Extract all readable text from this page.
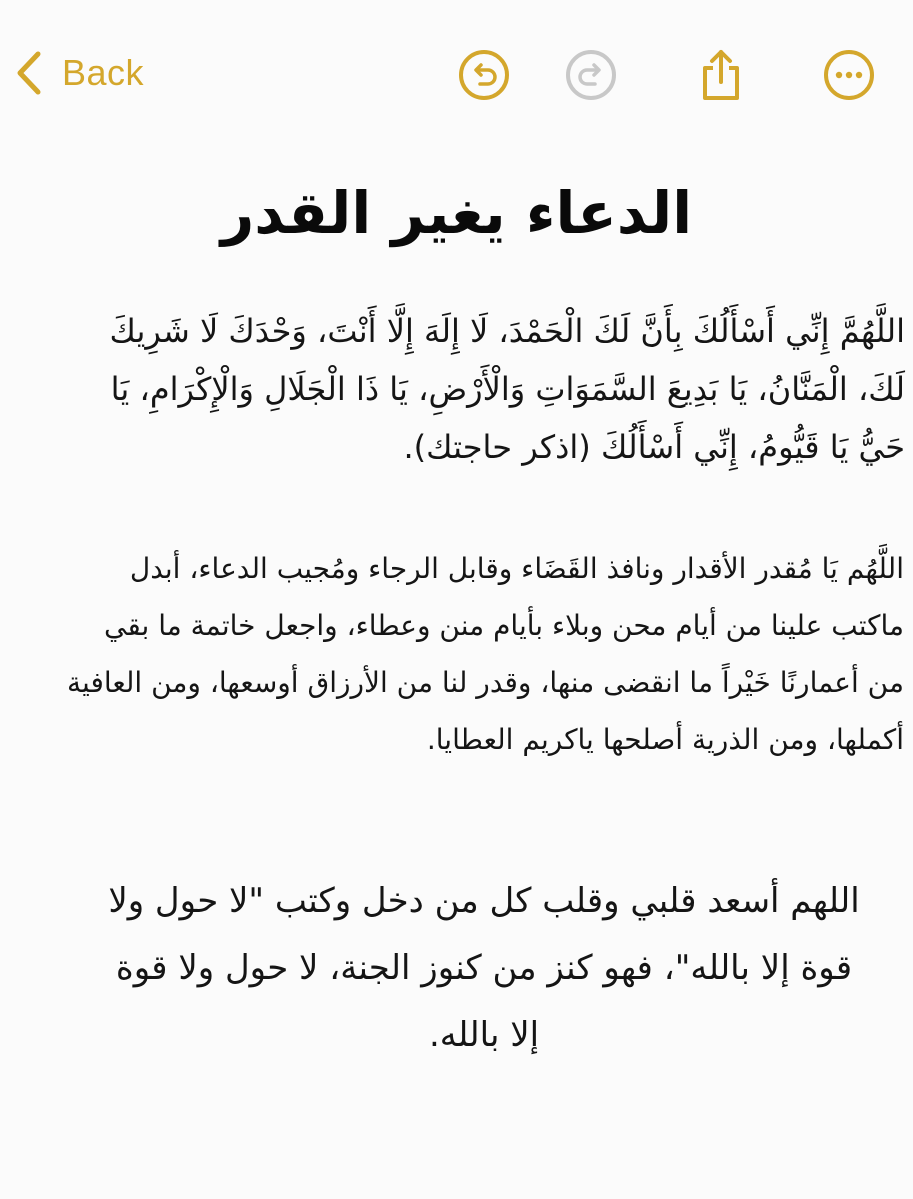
Back
الدعاء يغير القدر
اللَّهُمَّ إِنِّي أَسْأَلُكَ بِأَنَّ لَكَ الْحَمْدَ، لَا إِلَهَ إِلَّا أَنْتَ، وَحْدَكَ لَا شَرِيكَ لَكَ، الْمَنَّانُ، يَا بَدِيعَ السَّمَوَاتِ وَالْأَرْضِ، يَا ذَا الْجَلَالِ وَالْإِكْرَامِ، يَا حَيُّ يَا قَيُّومُ، إِنِّي أَسْأَلُكَ (اذكر حاجتك).
اللَّهُم يَا مُقدر الأقدار ونافذ القَضَاء وقابل الرجاء ومُجيب الدعاء، أبدل ماكتب علينا من أيام محن وبلاء بأيام منن وعطاء، واجعل خاتمة ما بقي من أعمارنًا خَيْراً ما انقضى منها، وقدر لنا من الأرزاق أوسعها، ومن العافية أكملها، ومن الذرية أصلحها ياكريم العطايا.
اللهم أسعد قلبي وقلب كل من دخل وكتب "لا حول ولا قوة إلا بالله"، فهو كنز من كنوز الجنة، لا حول ولا قوة إلا بالله.
